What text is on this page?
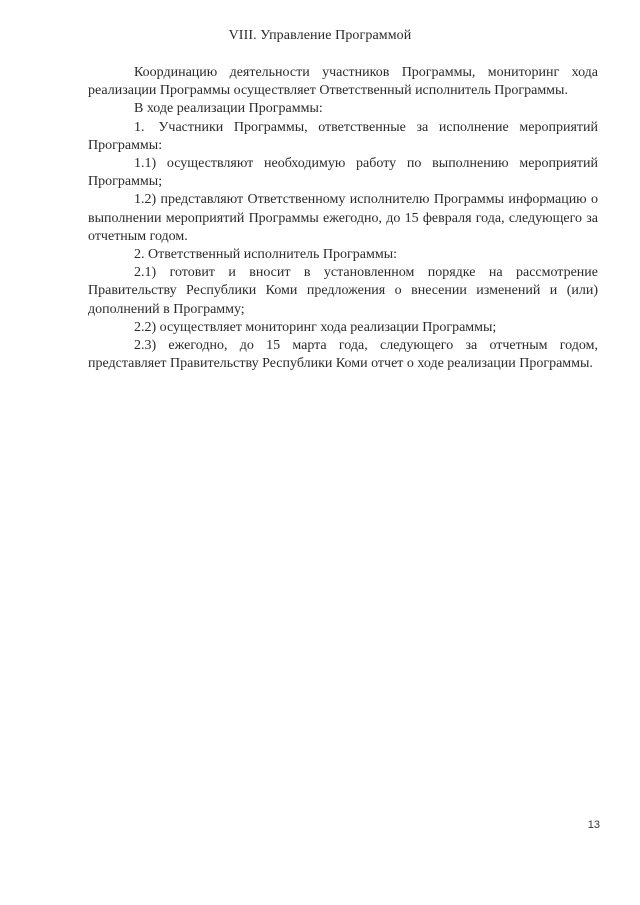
VIII. Управление Программой

Координацию деятельности участников Программы, мониторинг хода реализации Программы осуществляет Ответственный исполнитель Программы.

В ходе реализации Программы:

1. Участники Программы, ответственные за исполнение мероприятий Программы:

1.1) осуществляют необходимую работу по выполнению мероприятий Программы;

1.2) представляют Ответственному исполнителю Программы информацию о выполнении мероприятий Программы ежегодно, до 15 февраля года, следующего за отчетным годом.

2. Ответственный исполнитель Программы:

2.1) готовит и вносит в установленном порядке на рассмотрение Правительству Республики Коми предложения о внесении изменений и (или) дополнений в Программу;

2.2) осуществляет мониторинг хода реализации Программы;

2.3) ежегодно, до 15 марта года, следующего за отчетным годом, представляет Правительству Республики Коми отчет о ходе реализации Программы.

13
